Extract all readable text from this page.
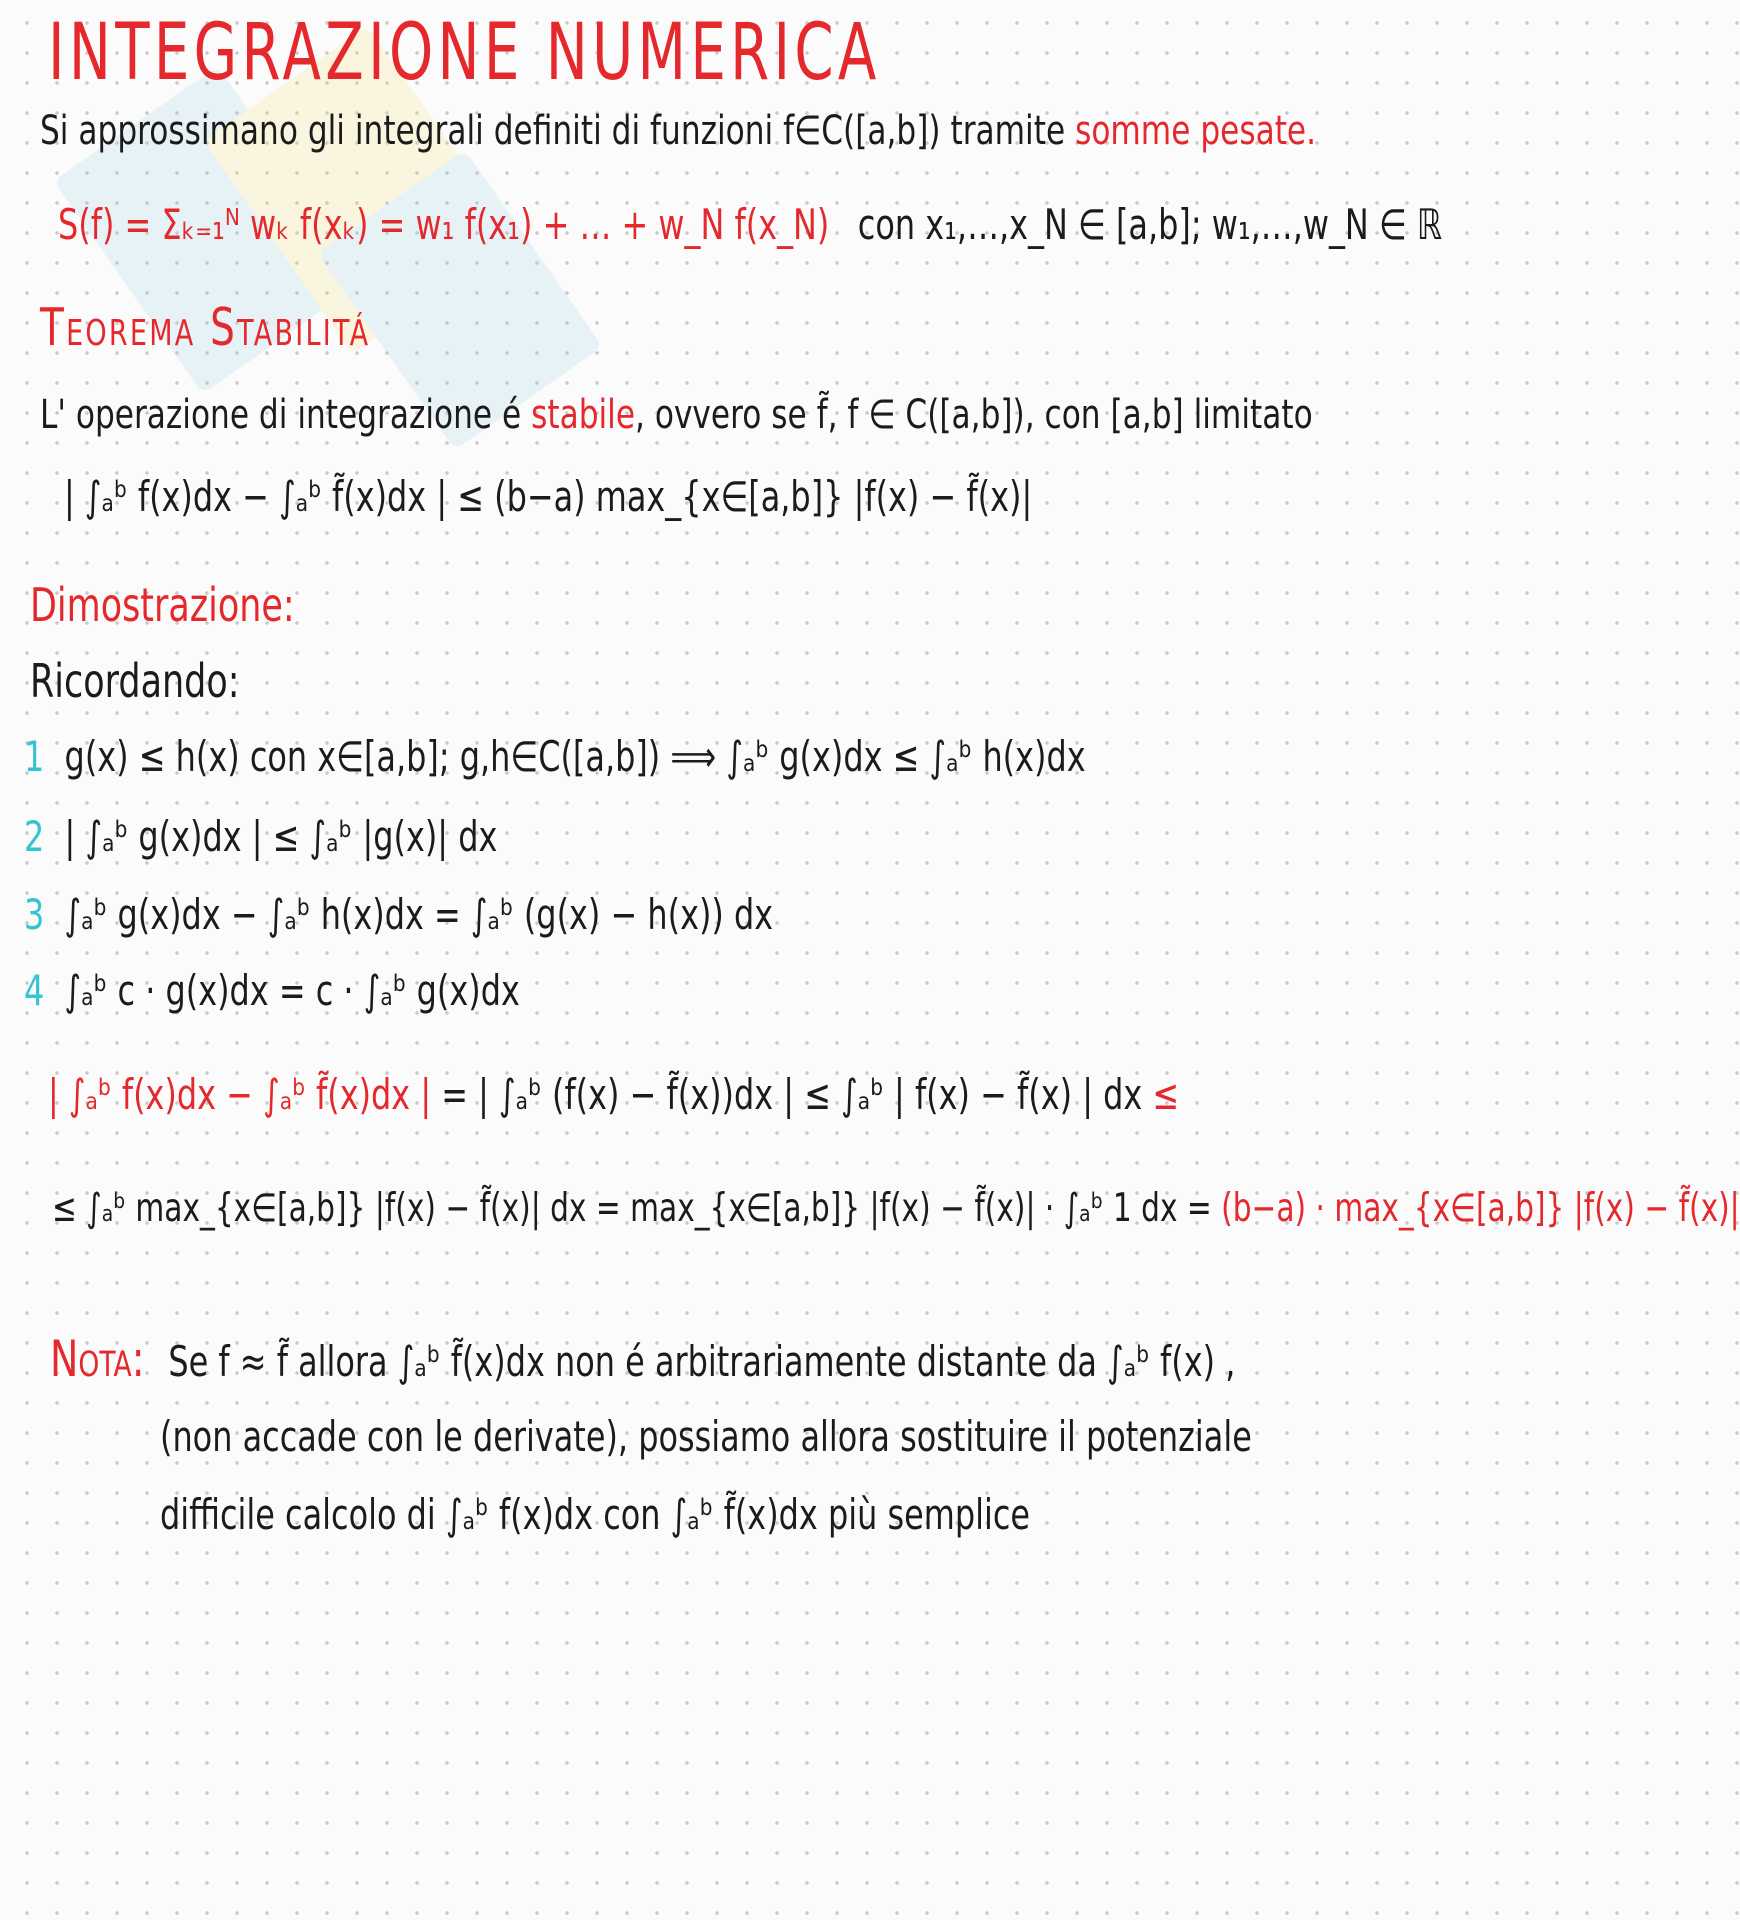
INTEGRAZIONE NUMERICA
Si approssimano gli integrali definiti di funzioni f∈C([a,b]) tramite somme pesate.
S(f) = Σₖ₌₁ᴺ wₖ f(xₖ) = w₁ f(x₁) + … + w_N f(x_N) con x₁,…,x_N ∈ [a,b]; w₁,…,w_N ∈ ℝ
Teorema Stabilitá
L' operazione di integrazione é stabile, ovvero se f̃, f ∈ C([a,b]), con [a,b] limitato
| ∫ₐᵇ f(x)dx − ∫ₐᵇ f̃(x)dx | ≤ (b−a) max_{x∈[a,b]} |f(x) − f̃(x)|
Dimostrazione:
Ricordando:
1 g(x) ≤ h(x) con x∈[a,b]; g,h∈C([a,b]) ⟹ ∫ₐᵇ g(x)dx ≤ ∫ₐᵇ h(x)dx
2 | ∫ₐᵇ g(x)dx | ≤ ∫ₐᵇ |g(x)| dx
3 ∫ₐᵇ g(x)dx − ∫ₐᵇ h(x)dx = ∫ₐᵇ (g(x) − h(x)) dx
4 ∫ₐᵇ c · g(x)dx = c · ∫ₐᵇ g(x)dx
| ∫ₐᵇ f(x)dx − ∫ₐᵇ f̃(x)dx | = | ∫ₐᵇ (f(x) − f̃(x))dx | ≤ ∫ₐᵇ | f(x) − f̃(x) | dx ≤
≤ ∫ₐᵇ max_{x∈[a,b]} |f(x) − f̃(x)| dx = max_{x∈[a,b]} |f(x) − f̃(x)| · ∫ₐᵇ 1 dx = (b−a) · max_{x∈[a,b]} |f(x) − f̃(x)|
Nota: Se f ≈ f̃ allora ∫ₐᵇ f̃(x)dx non é arbitrariamente distante da ∫ₐᵇ f(x) ,
(non accade con le derivate), possiamo allora sostituire il potenziale
difficile calcolo di ∫ₐᵇ f(x)dx con ∫ₐᵇ f̃(x)dx più semplice
